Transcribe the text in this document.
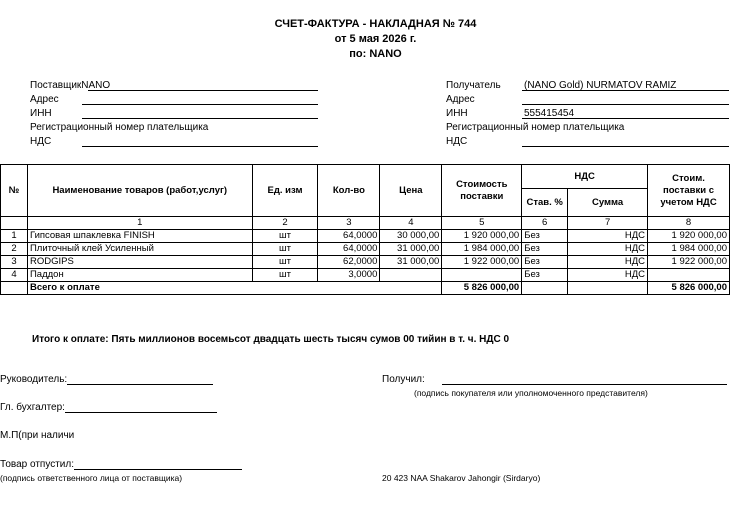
СЧЕТ-ФАКТУРА - НАКЛАДНАЯ № 744
от 5 мая 2026 г.
по: NANO
ПоставщикNANO
Адрес
ИНН
Регистрационный номер плательщика
НДС
Получатель (NANO Gold) NURMATOV RAMIZ
Адрес
ИНН	555415454
Регистрационный номер плательщика
НДС
№	Наименование товаров (работ,услуг)	Ед. изм	Кол-во	Цена	Стоимость поставки	НДС		Стоим. поставки с учетом НДС
						Став. %	Сумма	
	1	2	3	4	5	6	7	8
1	Гипсовая шпаклевка FINISH	шт	64,0000	30 000,00	1 920 000,00	Без	НДС	1 920 000,00
2	Плиточный клей Усиленный	шт	64,0000	31 000,00	1 984 000,00	Без	НДС	1 984 000,00
3	RODGIPS	шт	62,0000	31 000,00	1 922 000,00	Без	НДС	1 922 000,00
4	Паддон	шт	3,0000			Без	НДС	
	Всего к оплате				5 826 000,00			5 826 000,00
Итого к оплате: Пять миллионов восемьсот двадцать шесть тысяч сумов 00 тийин в т. ч. НДС 0
Руководитель:
Гл. бухгалтер:
М.П(при наличи
Товар отпустил:
(подпись ответственного лица от поставщика)
Получил:
(подпись покупателя или уполномоченного представителя)
20 423 NAA Shakarov Jahongir (Sirdaryo)
